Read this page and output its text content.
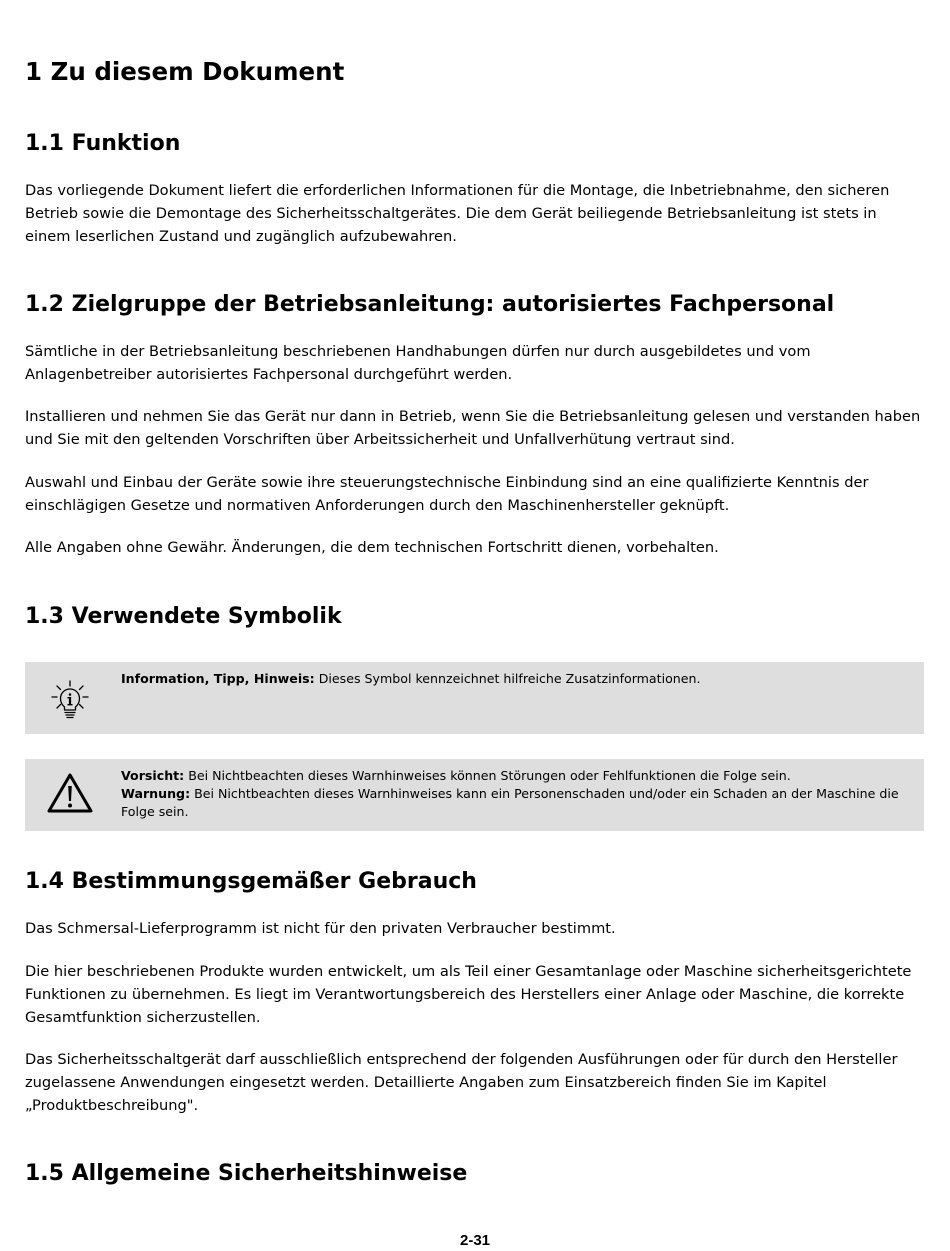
1 Zu diesem Dokument
1.1 Funktion

Das vorliegende Dokument liefert die erforderlichen Informationen für die Montage, die Inbetriebnahme, den sicheren Betrieb sowie die Demontage des Sicherheitsschaltgerätes. Die dem Gerät beiliegende Betriebsanleitung ist stets in einem leserlichen Zustand und zugänglich aufzubewahren.

1.2 Zielgruppe der Betriebsanleitung: autorisiertes Fachpersonal

Sämtliche in der Betriebsanleitung beschriebenen Handhabungen dürfen nur durch ausgebildetes und vom Anlagenbetreiber autorisiertes Fachpersonal durchgeführt werden.

Installieren und nehmen Sie das Gerät nur dann in Betrieb, wenn Sie die Betriebsanleitung gelesen und verstanden haben und Sie mit den geltenden Vorschriften über Arbeitssicherheit und Unfallverhütung vertraut sind.

Auswahl und Einbau der Geräte sowie ihre steuerungstechnische Einbindung sind an eine qualifizierte Kenntnis der einschlägigen Gesetze und normativen Anforderungen durch den Maschinenhersteller geknüpft.

Alle Angaben ohne Gewähr. Änderungen, die dem technischen Fortschritt dienen, vorbehalten.

1.3 Verwendete Symbolik
Information, Tipp, Hinweis: Dieses Symbol kennzeichnet hilfreiche Zusatzinformationen.
Vorsicht: Bei Nichtbeachten dieses Warnhinweises können Störungen oder Fehlfunktionen die Folge sein.
Warnung: Bei Nichtbeachten dieses Warnhinweises kann ein Personenschaden und/oder ein Schaden an der Maschine die Folge sein.
1.4 Bestimmungsgemäßer Gebrauch

Das Schmersal-Lieferprogramm ist nicht für den privaten Verbraucher bestimmt.

Die hier beschriebenen Produkte wurden entwickelt, um als Teil einer Gesamtanlage oder Maschine sicherheitsgerichtete Funktionen zu übernehmen. Es liegt im Verantwortungsbereich des Herstellers einer Anlage oder Maschine, die korrekte Gesamtfunktion sicherzustellen.

Das Sicherheitsschaltgerät darf ausschließlich entsprechend der folgenden Ausführungen oder für durch den Hersteller zugelassene Anwendungen eingesetzt werden. Detaillierte Angaben zum Einsatzbereich finden Sie im Kapitel „Produktbeschreibung".

1.5 Allgemeine Sicherheitshinweise
2-31
